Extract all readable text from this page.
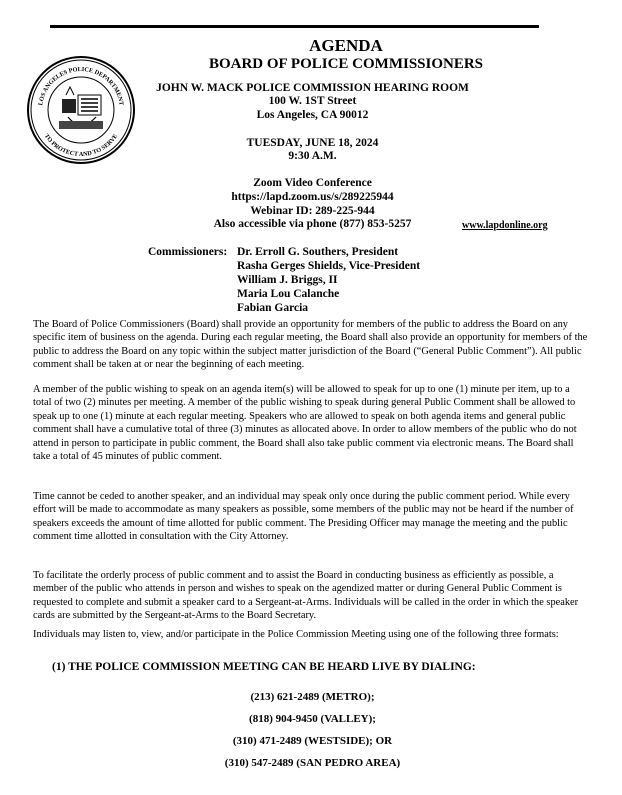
LOS ANGELES POLICE DEPARTMENT
TO PROTECT AND TO SERVE
AGENDA
BOARD OF POLICE COMMISSIONERS
JOHN W. MACK POLICE COMMISSION HEARING ROOM
100 W. 1ST Street
Los Angeles, CA 90012
TUESDAY, JUNE 18, 2024
9:30 A.M.
Zoom Video Conference
https://lapd.zoom.us/s/289225944
Webinar ID: 289-225-944
Also accessible via phone (877) 853-5257	www.lapdonline.org
Commissioners: Dr. Erroll G. Southers, President
Rasha Gerges Shields, Vice-President
William J. Briggs, II
Maria Lou Calanche
Fabian Garcia
The Board of Police Commissioners (Board) shall provide an opportunity for members of the public to address the Board on any specific item of business on the agenda. During each regular meeting, the Board shall also provide an opportunity for members of the public to address the Board on any topic within the subject matter jurisdiction of the Board (“General Public Comment”). All public comment shall be taken at or near the beginning of each meeting.
A member of the public wishing to speak on an agenda item(s) will be allowed to speak for up to one (1) minute per item, up to a total of two (2) minutes per meeting. A member of the public wishing to speak during general Public Comment shall be allowed to speak up to one (1) minute at each regular meeting. Speakers who are allowed to speak on both agenda items and general public comment shall have a cumulative total of three (3) minutes as allocated above. In order to allow members of the public who do not attend in person to participate in public comment, the Board shall also take public comment via electronic means. The Board shall take a total of 45 minutes of public comment.
Time cannot be ceded to another speaker, and an individual may speak only once during the public comment period. While every effort will be made to accommodate as many speakers as possible, some members of the public may not be heard if the number of speakers exceeds the amount of time allotted for public comment. The Presiding Officer may manage the meeting and the public comment time allotted in consultation with the City Attorney.
To facilitate the orderly process of public comment and to assist the Board in conducting business as efficiently as possible, a member of the public who attends in person and wishes to speak on the agendized matter or during General Public Comment is requested to complete and submit a speaker card to a Sergeant-at-Arms. Individuals will be called in the order in which the speaker cards are submitted by the Sergeant-at-Arms to the Board Secretary.
Individuals may listen to, view, and/or participate in the Police Commission Meeting using one of the following three formats:
(1) THE POLICE COMMISSION MEETING CAN BE HEARD LIVE BY DIALING:
(213) 621-2489 (METRO);
(818) 904-9450 (VALLEY);
(310) 471-2489 (WESTSIDE); OR
(310) 547-2489 (SAN PEDRO AREA)
